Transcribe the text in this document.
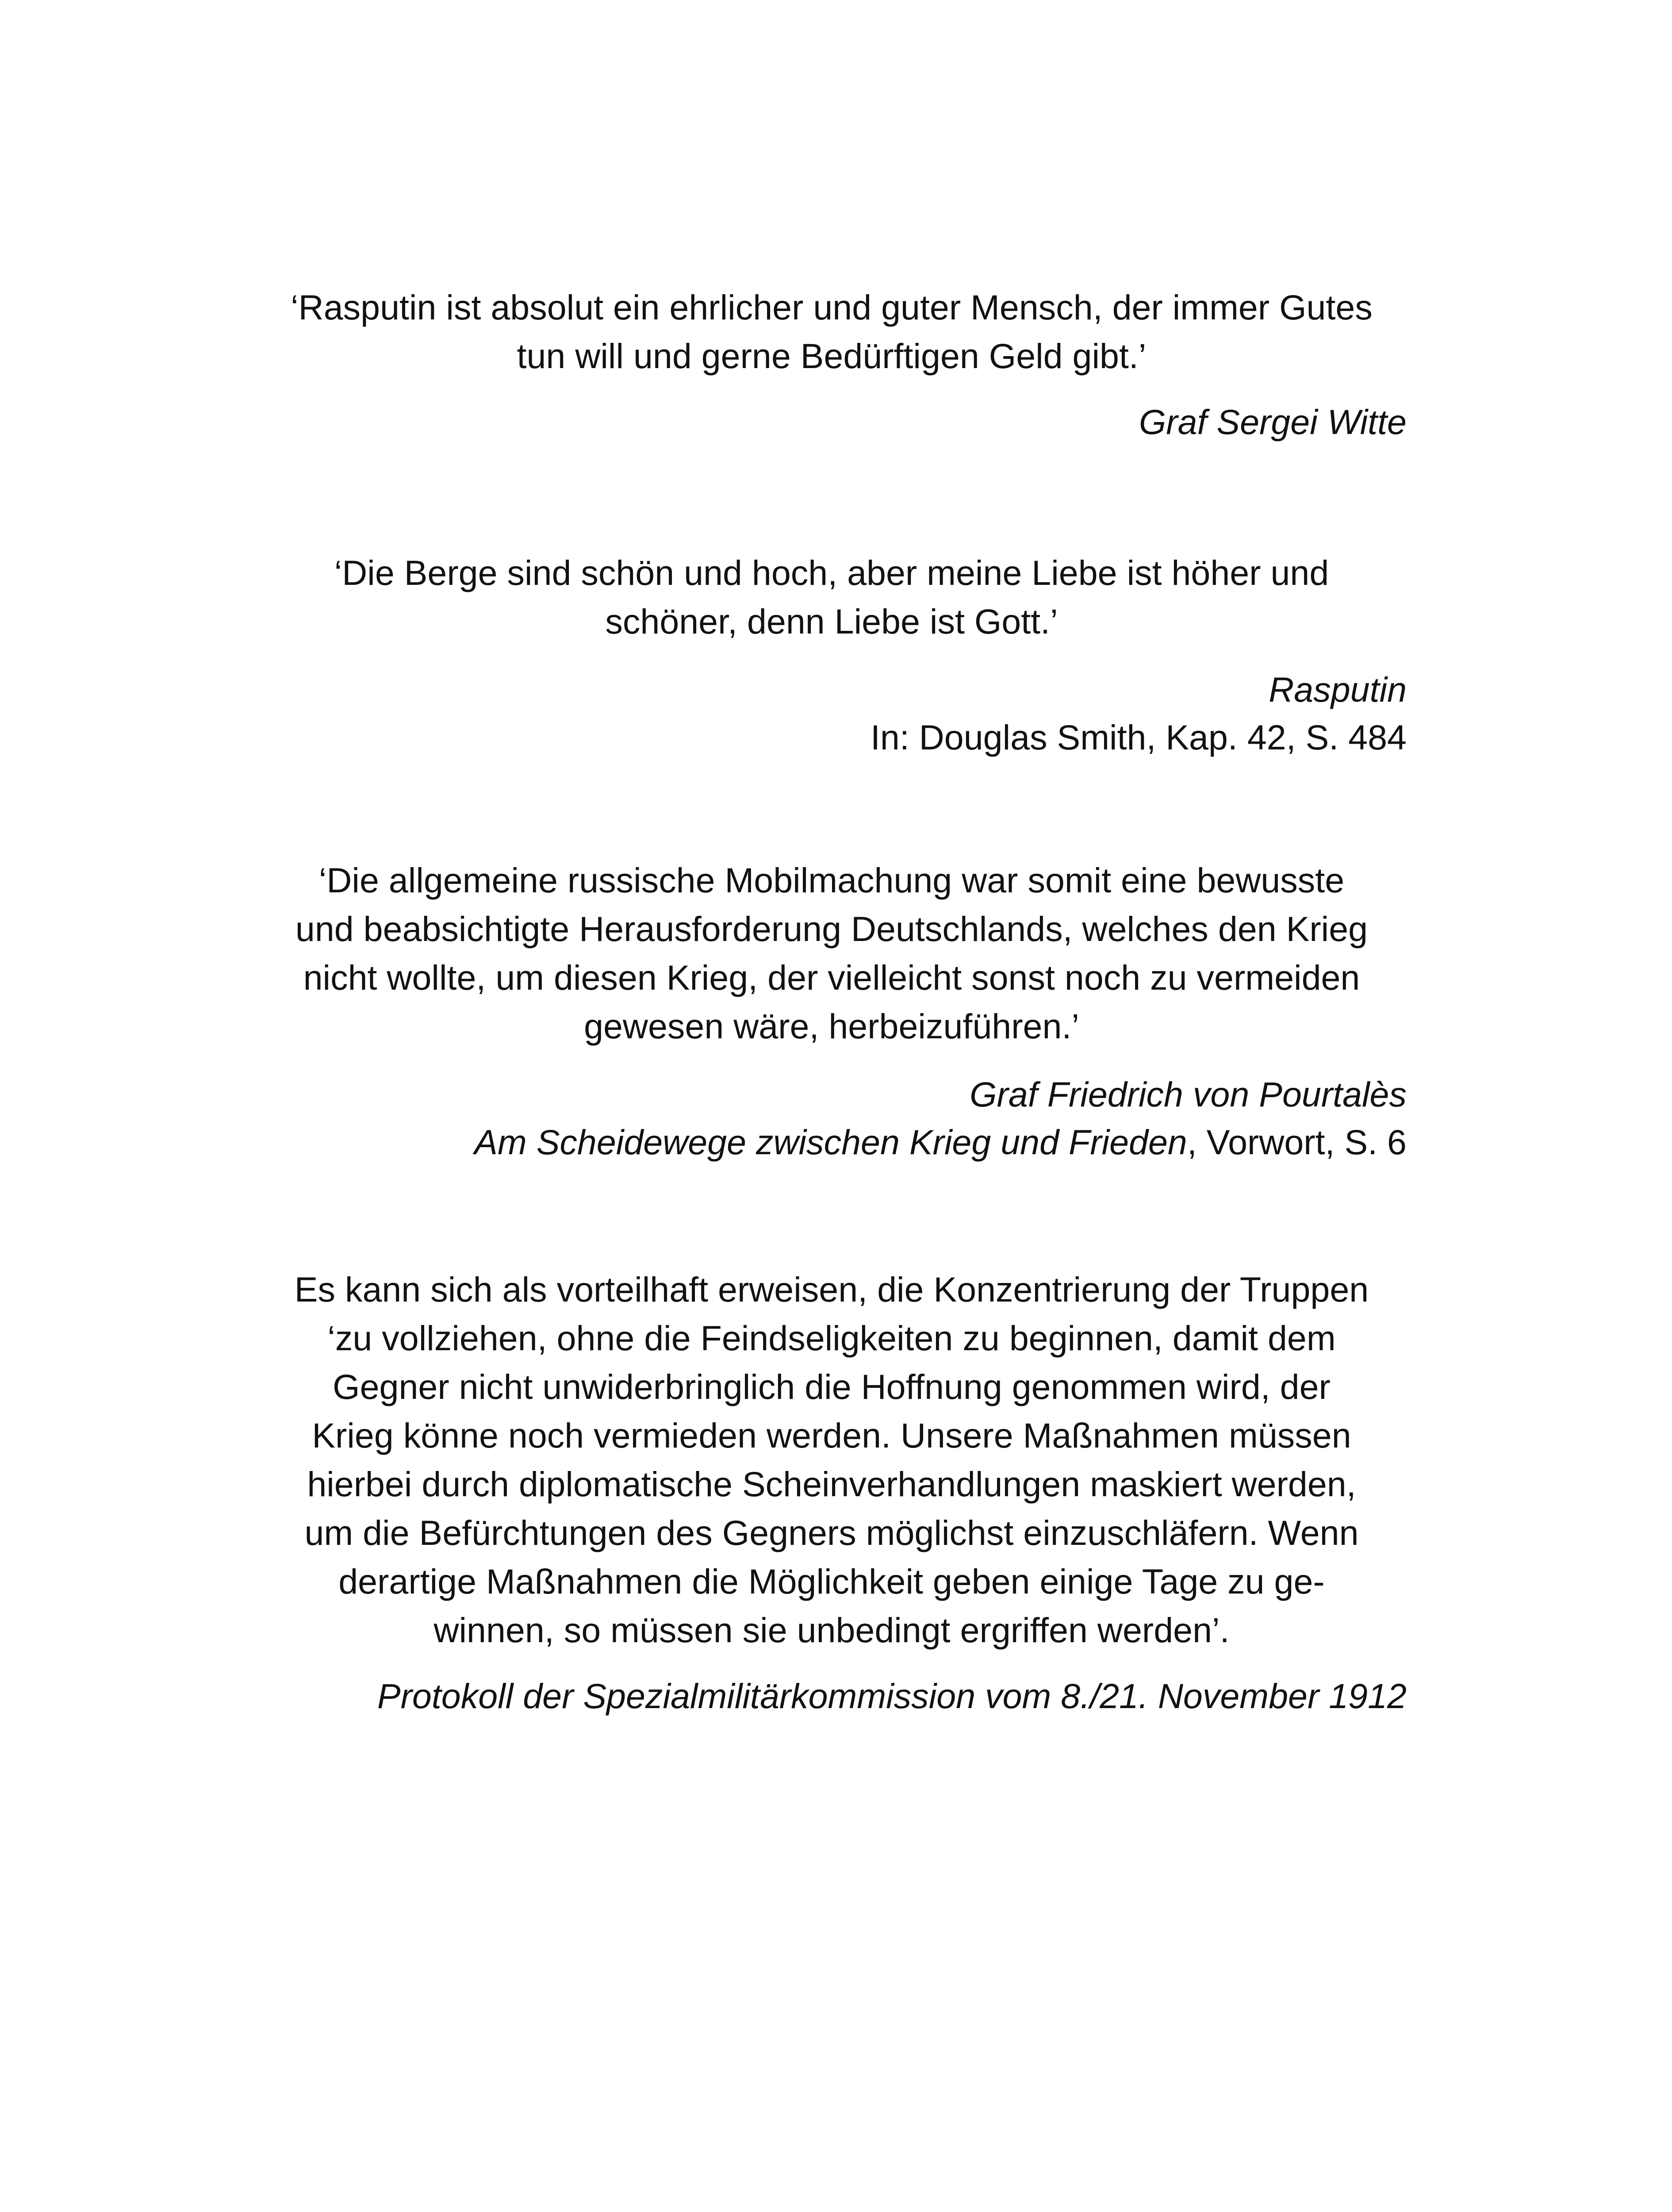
‘Rasputin ist absolut ein ehrlicher und guter Mensch, der immer Gutes
tun will und gerne Bedürftigen Geld gibt.’

Graf Sergei Witte

‘Die Berge sind schön und hoch, aber meine Liebe ist höher und
schöner, denn Liebe ist Gott.’

Rasputin

In: Douglas Smith, Kap. 42, S. 484

‘Die allgemeine russische Mobilmachung war somit eine bewusste
und beabsichtigte Herausforderung Deutschlands, welches den Krieg
nicht wollte, um diesen Krieg, der vielleicht sonst noch zu vermeiden
gewesen wäre, herbeizuführen.’

Graf Friedrich von Pourtalès

Am Scheidewege zwischen Krieg und Frieden, Vorwort, S. 6

Es kann sich als vorteilhaft erweisen, die Konzentrierung der Truppen
‘zu vollziehen, ohne die Feindseligkeiten zu beginnen, damit dem
Gegner nicht unwiderbringlich die Hoffnung genommen wird, der
Krieg könne noch vermieden werden. Unsere Maßnahmen müssen
hierbei durch diplomatische Scheinverhandlungen maskiert werden,
um die Befürchtungen des Gegners möglichst einzuschläfern. Wenn
derartige Maßnahmen die Möglichkeit geben einige Tage zu ge-
winnen, so müssen sie unbedingt ergriffen werden’.

Protokoll der Spezialmilitärkommission vom 8./21. November 1912
